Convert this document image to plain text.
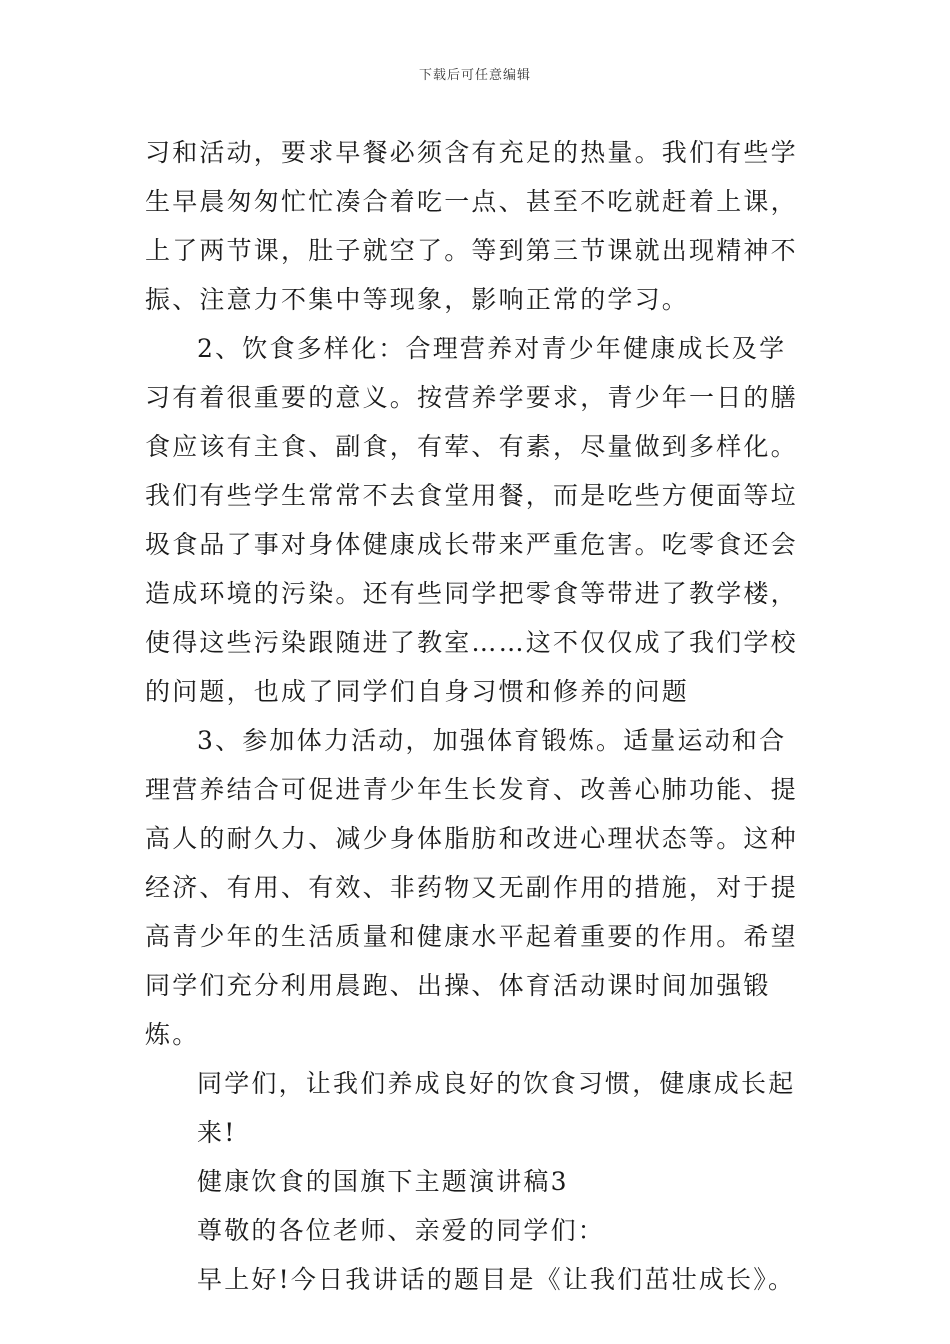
下载后可任意编辑

习和活动，要求早餐必须含有充足的热量。我们有些学生早晨匆匆忙忙凑合着吃一点、甚至不吃就赶着上课，上了两节课，肚子就空了。等到第三节课就出现精神不振、注意力不集中等现象，影响正常的学习。

2、饮食多样化：合理营养对青少年健康成长及学习有着很重要的意义。按营养学要求，青少年一日的膳食应该有主食、副食，有荤、有素，尽量做到多样化。我们有些学生常常不去食堂用餐，而是吃些方便面等垃圾食品了事对身体健康成长带来严重危害。吃零食还会造成环境的污染。还有些同学把零食等带进了教学楼，使得这些污染跟随进了教室……这不仅仅成了我们学校的问题，也成了同学们自身习惯和修养的问题

3、参加体力活动，加强体育锻炼。适量运动和合理营养结合可促进青少年生长发育、改善心肺功能、提高人的耐久力、减少身体脂肪和改进心理状态等。这种经济、有用、有效、非药物又无副作用的措施，对于提高青少年的生活质量和健康水平起着重要的作用。希望同学们充分利用晨跑、出操、体育活动课时间加强锻炼。

同学们，让我们养成良好的饮食习惯，健康成长起来!

健康饮食的国旗下主题演讲稿3

尊敬的各位老师、亲爱的同学们：

早上好!今日我讲话的题目是《让我们茁壮成长》。
